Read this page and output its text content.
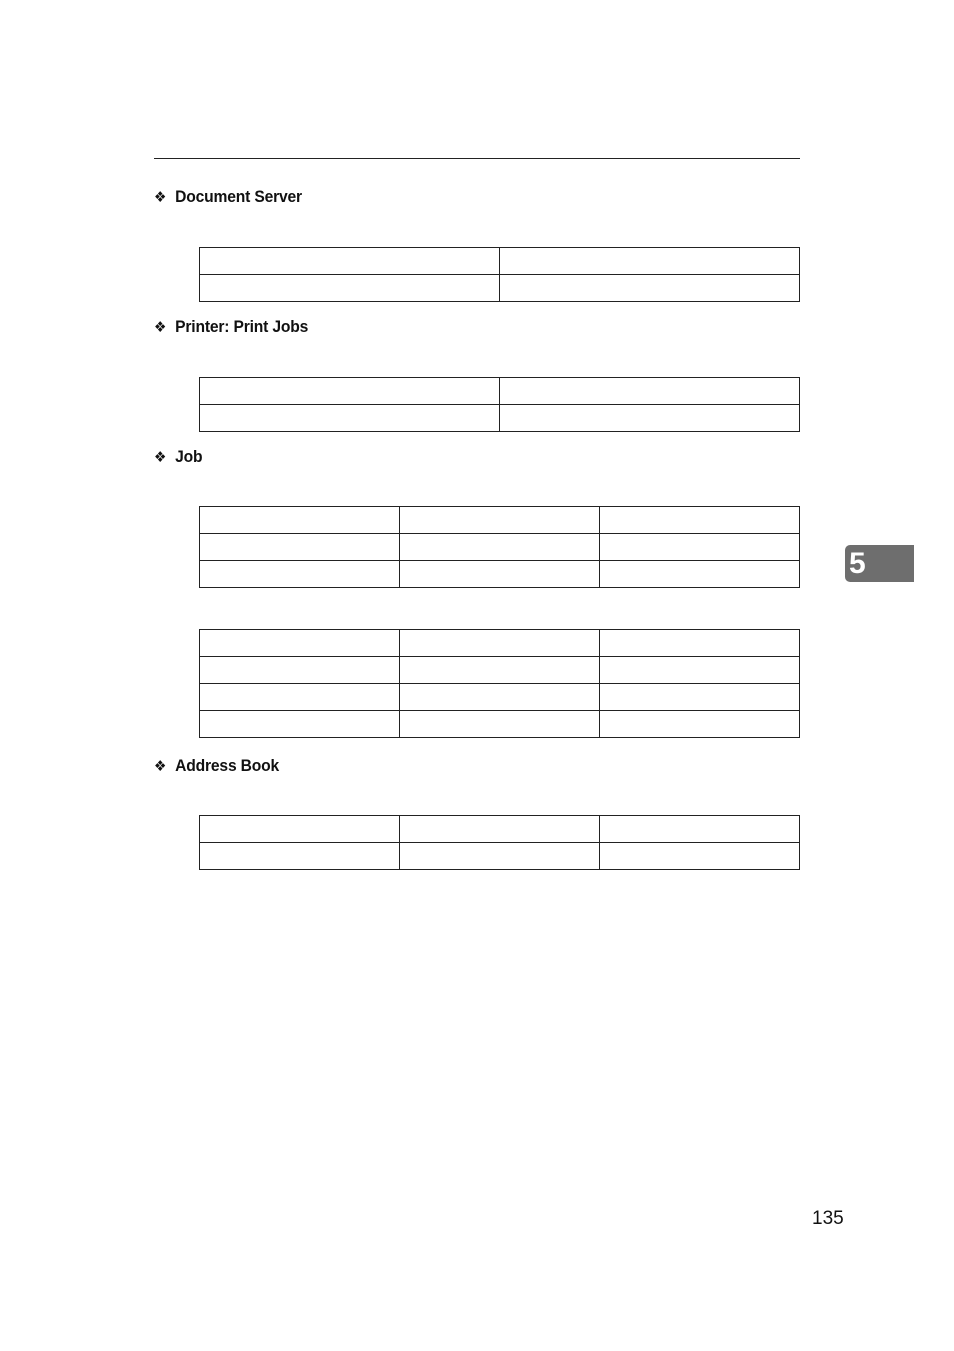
❖ Document Server

❖ Printer: Print Jobs

❖ Job

❖ Address Book

5
135
